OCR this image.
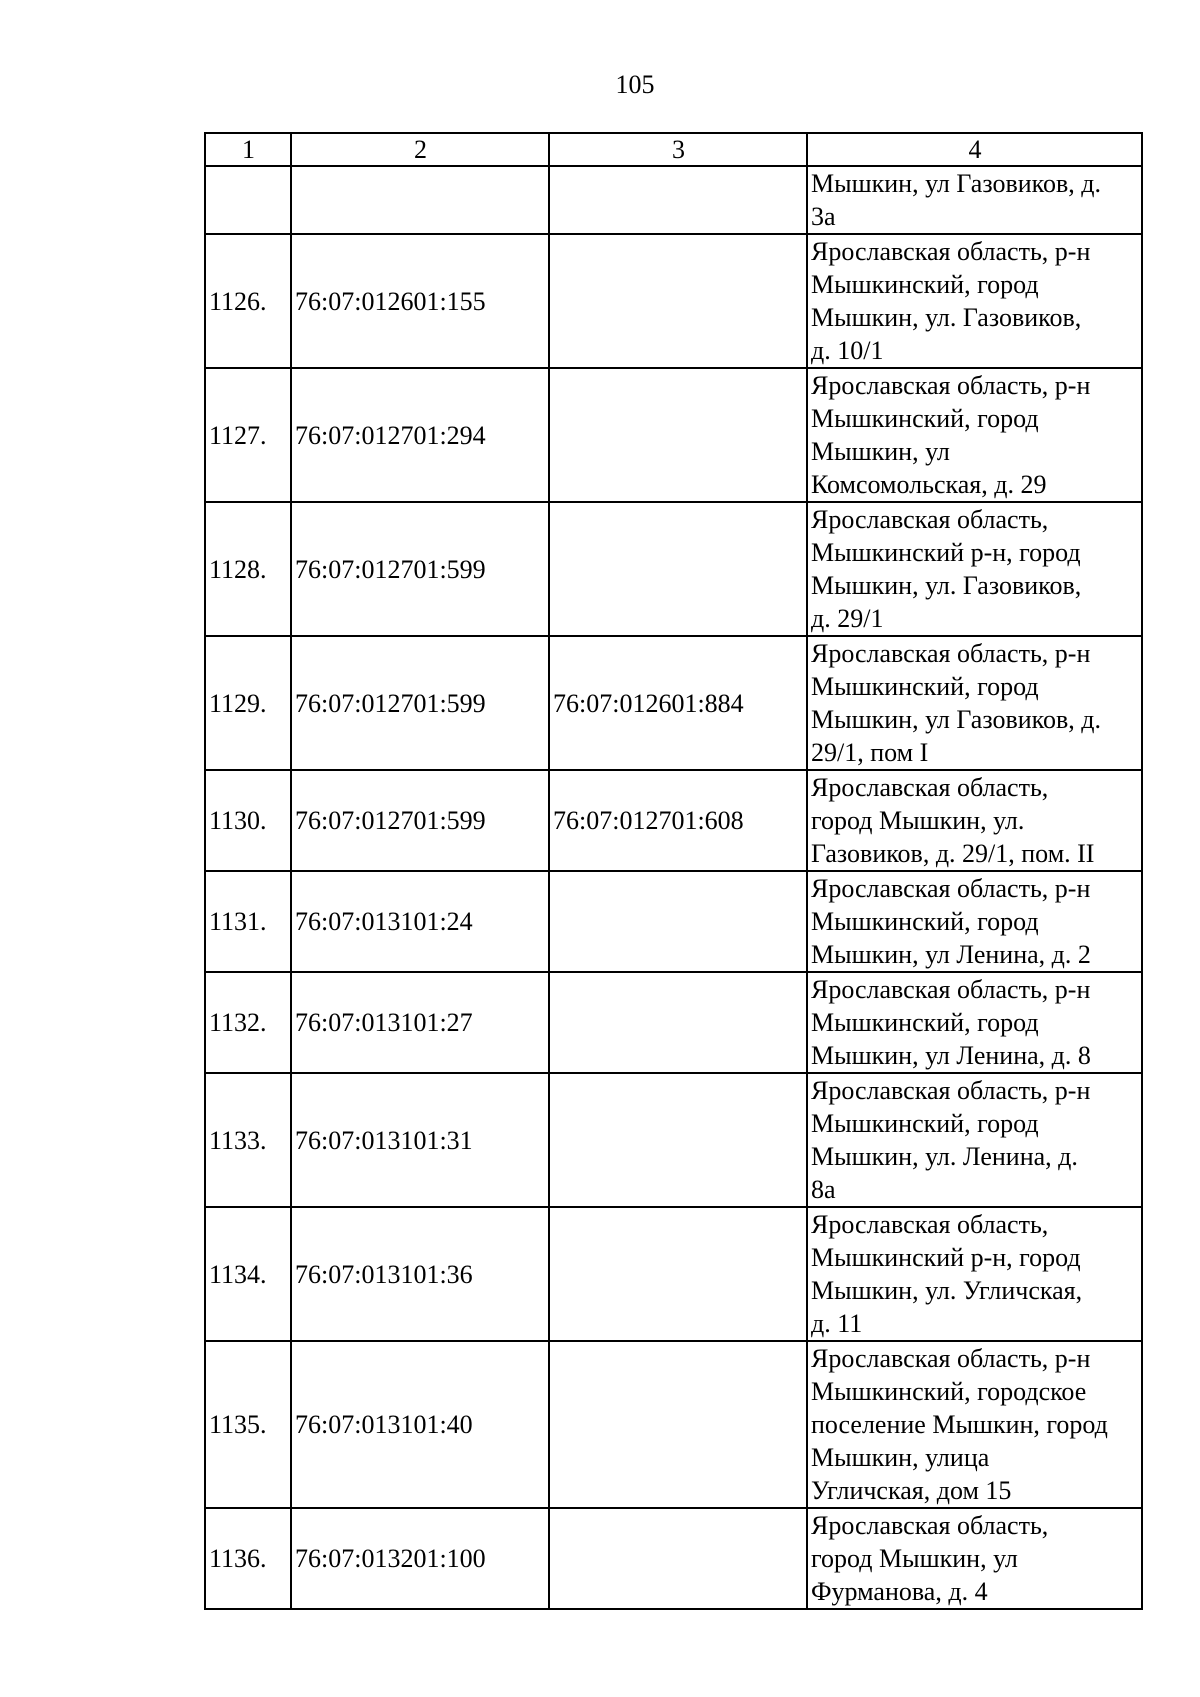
105
1	2	3	4
			Мышкин, ул Газовиков, д.
3а
1126.	76:07:012601:155		Ярославская область, р-н
Мышкинский, город
Мышкин, ул. Газовиков,
д. 10/1
1127.	76:07:012701:294		Ярославская область, р-н
Мышкинский, город
Мышкин, ул
Комсомольская, д. 29
1128.	76:07:012701:599		Ярославская область,
Мышкинский р-н, город
Мышкин, ул. Газовиков,
д. 29/1
1129.	76:07:012701:599	76:07:012601:884	Ярославская область, р-н
Мышкинский, город
Мышкин, ул Газовиков, д.
29/1, пом I
1130.	76:07:012701:599	76:07:012701:608	Ярославская область,
город Мышкин, ул.
Газовиков, д. 29/1, пом. II
1131.	76:07:013101:24		Ярославская область, р-н
Мышкинский, город
Мышкин, ул Ленина, д. 2
1132.	76:07:013101:27		Ярославская область, р-н
Мышкинский, город
Мышкин, ул Ленина, д. 8
1133.	76:07:013101:31		Ярославская область, р-н
Мышкинский, город
Мышкин, ул. Ленина, д.
8а
1134.	76:07:013101:36		Ярославская область,
Мышкинский р-н, город
Мышкин, ул. Угличская,
д. 11
1135.	76:07:013101:40		Ярославская область, р-н
Мышкинский, городское
поселение Мышкин, город
Мышкин, улица
Угличская, дом 15
1136.	76:07:013201:100		Ярославская область,
город Мышкин, ул
Фурманова, д. 4
